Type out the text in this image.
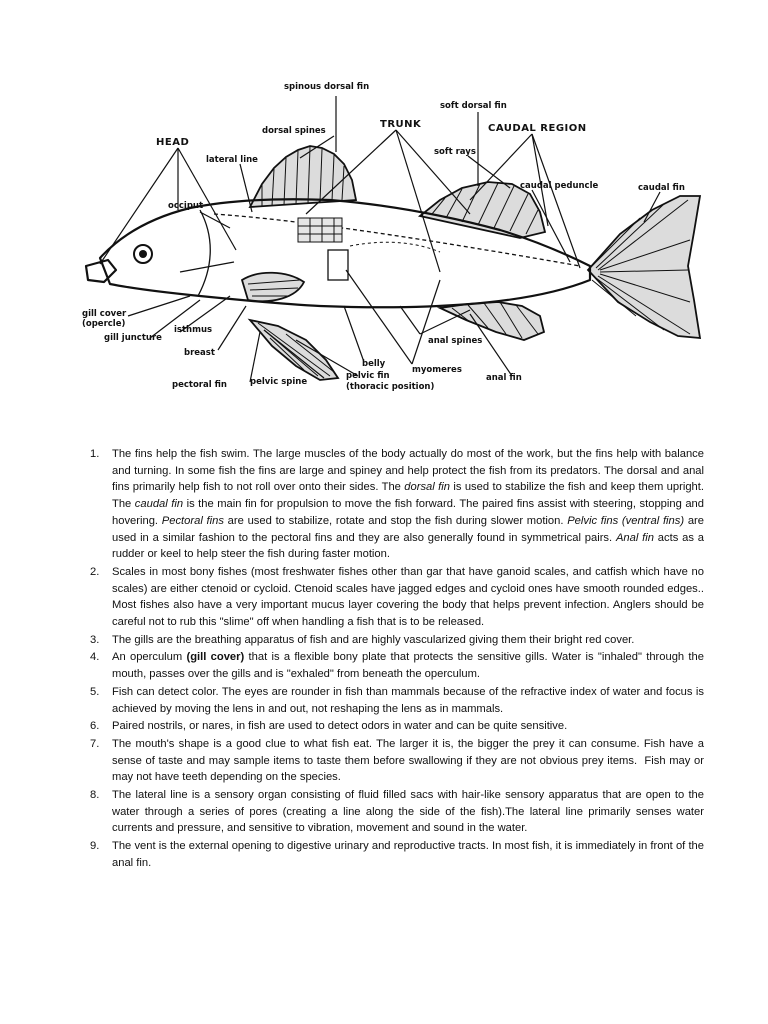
spinous dorsal fin
soft dorsal fin
HEAD
dorsal spines
TRUNK	CAUDAL REGION
lateral line
soft rays
caudal peduncle	caudal fin
occiput
gill cover
(opercle)
isthmus
gill juncture
breast
anal spines
belly
myomeres
pelvic fin
(thoracic position)
anal fin
pectoral fin	pelvic spine
1. The fins help the fish swim. The large muscles of the body actually do most of the work, but the fins help with balance and turning. In some fish the fins are large and spiney and help protect the fish from its predators. The dorsal and anal fins primarily help fish to not roll over onto their sides. The dorsal fin is used to stabilize the fish and keep them upright. The caudal fin is the main fin for propulsion to move the fish forward. The paired fins assist with steering, stopping and hovering. Pectoral fins are used to stabilize, rotate and stop the fish during slower motion. Pelvic fins (ventral fins) are used in a similar fashion to the pectoral fins and they are also generally found in symmetrical pairs. Anal fin acts as a rudder or keel to help steer the fish during faster motion.
2. Scales in most bony fishes (most freshwater fishes other than gar that have ganoid scales, and catfish which have no scales) are either ctenoid or cycloid. Ctenoid scales have jagged edges and cycloid ones have smooth rounded edges.. Most fishes also have a very important mucus layer covering the body that helps prevent infection. Anglers should be careful not to rub this "slime" off when handling a fish that is to be released.
3. The gills are the breathing apparatus of fish and are highly vascularized giving them their bright red cover.
4. An operculum (gill cover) that is a flexible bony plate that protects the sensitive gills. Water is "inhaled" through the mouth, passes over the gills and is "exhaled" from beneath the operculum.
5. Fish can detect color. The eyes are rounder in fish than mammals because of the refractive index of water and focus is achieved by moving the lens in and out, not reshaping the lens as in mammals.
6. Paired nostrils, or nares, in fish are used to detect odors in water and can be quite sensitive.
7. The mouth's shape is a good clue to what fish eat. The larger it is, the bigger the prey it can consume. Fish have a sense of taste and may sample items to taste them before swallowing if they are not obvious prey items.  Fish may or may not have teeth depending on the species.
8. The lateral line is a sensory organ consisting of fluid filled sacs with hair-like sensory apparatus that are open to the water through a series of pores (creating a line along the side of the fish).The lateral line primarily senses water currents and pressure, and sensitive to vibration, movement and sound in the water.
9. The vent is the external opening to digestive urinary and reproductive tracts. In most fish, it is immediately in front of the anal fin.
